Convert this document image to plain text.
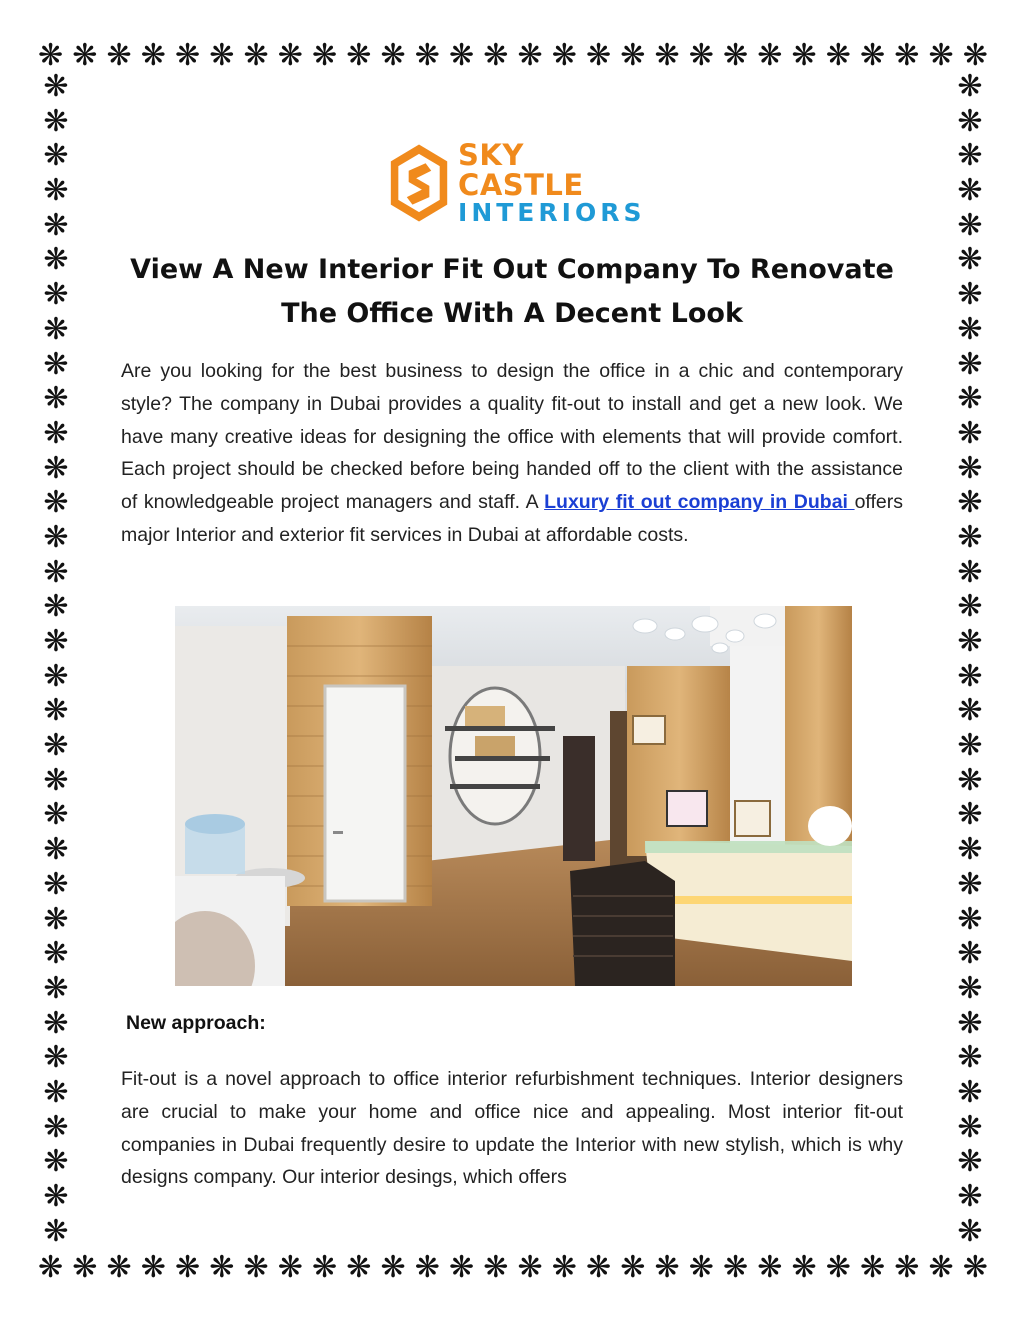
❋ ❋ ❋ ❋ ❋ ❋ ❋ ❋ ❋ ❋ ❋ ❋ ❋ ❋ ❋ ❋ ❋ ❋ ❋ ❋ ❋ ❋ ❋ ❋ ❋ ❋ ❋ ❋
❋ ❋ ❋ ❋ ❋ ❋ ❋ ❋ ❋ ❋ ❋ ❋ ❋ ❋ ❋ ❋ ❋ ❋ ❋ ❋ ❋ ❋ ❋ ❋ ❋ ❋ ❋ ❋
❋
❋
❋
❋
❋
❋
❋
❋
❋
❋
❋
❋
❋
❋
❋
❋
❋
❋
❋
❋
❋
❋
❋
❋
❋
❋
❋
❋
❋
❋
❋
❋
❋
❋
❋
❋
❋
❋
❋
❋
❋
❋
❋
❋
❋
❋
❋
❋
❋
❋
❋
❋
❋
❋
❋
❋
❋
❋
❋
❋
❋
❋
❋
❋
❋
❋
❋
❋
SKY CASTLE
INTERIORS
View A New Interior Fit Out Company To Renovate The Office With A Decent Look

Are you looking for the best business to design the office in a chic and contemporary style? The company in Dubai provides a quality fit-out to install and get a new look. We have many creative ideas for designing the office with elements that will provide comfort. Each project should be checked before being handed off to the client with the assistance of knowledgeable project managers and staff. A Luxury fit out company in Dubai offers major Interior and exterior fit services in Dubai at affordable costs.

New approach:

Fit-out is a novel approach to office interior refurbishment techniques. Interior designers are crucial to make your home and office nice and appealing. Most interior fit-out companies in Dubai frequently desire to update the Interior with new stylish, which is why designs company. Our interior desings, which offers
